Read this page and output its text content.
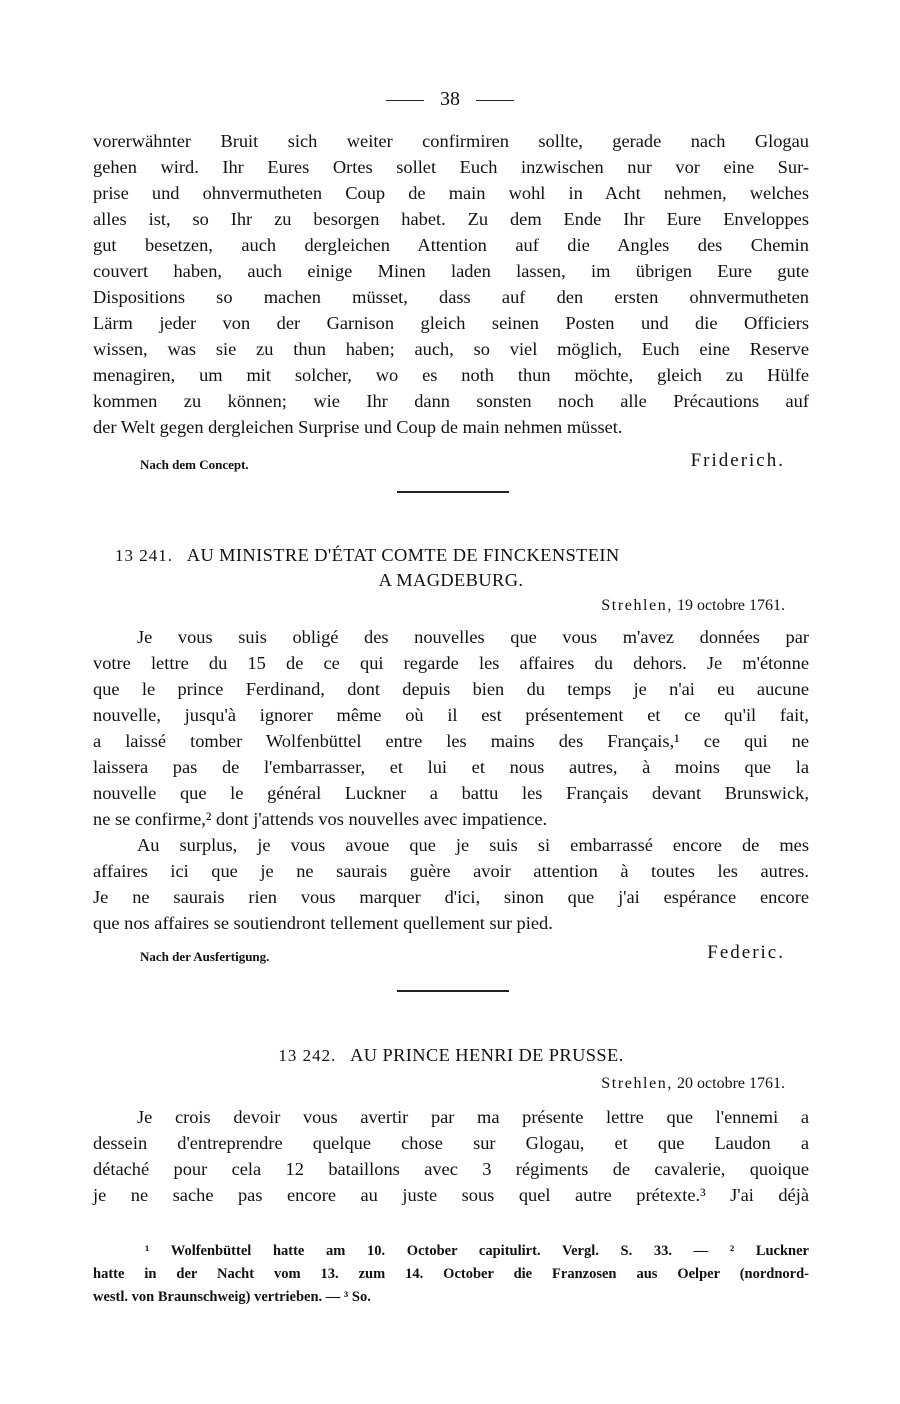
38
vorerwähnter Bruit sich weiter confirmiren sollte, gerade nach Glogau
gehen wird. Ihr Eures Ortes sollet Euch inzwischen nur vor eine Sur-
prise und ohnvermutheten Coup de main wohl in Acht nehmen, welches
alles ist, so Ihr zu besorgen habet. Zu dem Ende Ihr Eure Enveloppes
gut besetzen, auch dergleichen Attention auf die Angles des Chemin
couvert haben, auch einige Minen laden lassen, im übrigen Eure gute
Dispositions so machen müsset, dass auf den ersten ohnvermutheten
Lärm jeder von der Garnison gleich seinen Posten und die Officiers
wissen, was sie zu thun haben; auch, so viel möglich, Euch eine Reserve
menagiren, um mit solcher, wo es noth thun möchte, gleich zu Hülfe
kommen zu können; wie Ihr dann sonsten noch alle Précautions auf
der Welt gegen dergleichen Surprise und Coup de main nehmen müsset.
Nach dem Concept.	Friderich.
13 241. AU MINISTRE D'ÉTAT COMTE DE FINCKENSTEIN
A MAGDEBURG.
Strehlen, 19 octobre 1761.
Je vous suis obligé des nouvelles que vous m'avez données par
votre lettre du 15 de ce qui regarde les affaires du dehors. Je m'étonne
que le prince Ferdinand, dont depuis bien du temps je n'ai eu aucune
nouvelle, jusqu'à ignorer même où il est présentement et ce qu'il fait,
a laissé tomber Wolfenbüttel entre les mains des Français,¹ ce qui ne
laissera pas de l'embarrasser, et lui et nous autres, à moins que la
nouvelle que le général Luckner a battu les Français devant Brunswick,
ne se confirme,² dont j'attends vos nouvelles avec impatience.
Au surplus, je vous avoue que je suis si embarrassé encore de mes
affaires ici que je ne saurais guère avoir attention à toutes les autres.
Je ne saurais rien vous marquer d'ici, sinon que j'ai espérance encore
que nos affaires se soutiendront tellement quellement sur pied.
Nach der Ausfertigung.	Federic.
13 242. AU PRINCE HENRI DE PRUSSE.
Strehlen, 20 octobre 1761.
Je crois devoir vous avertir par ma présente lettre que l'ennemi a
dessein d'entreprendre quelque chose sur Glogau, et que Laudon a
détaché pour cela 12 bataillons avec 3 régiments de cavalerie, quoique
je ne sache pas encore au juste sous quel autre prétexte.³ J'ai déjà
¹ Wolfenbüttel hatte am 10. October capitulirt. Vergl. S. 33. — ² Luckner
hatte in der Nacht vom 13. zum 14. October die Franzosen aus Oelper (nordnord-
westl. von Braunschweig) vertrieben. — ³ So.
